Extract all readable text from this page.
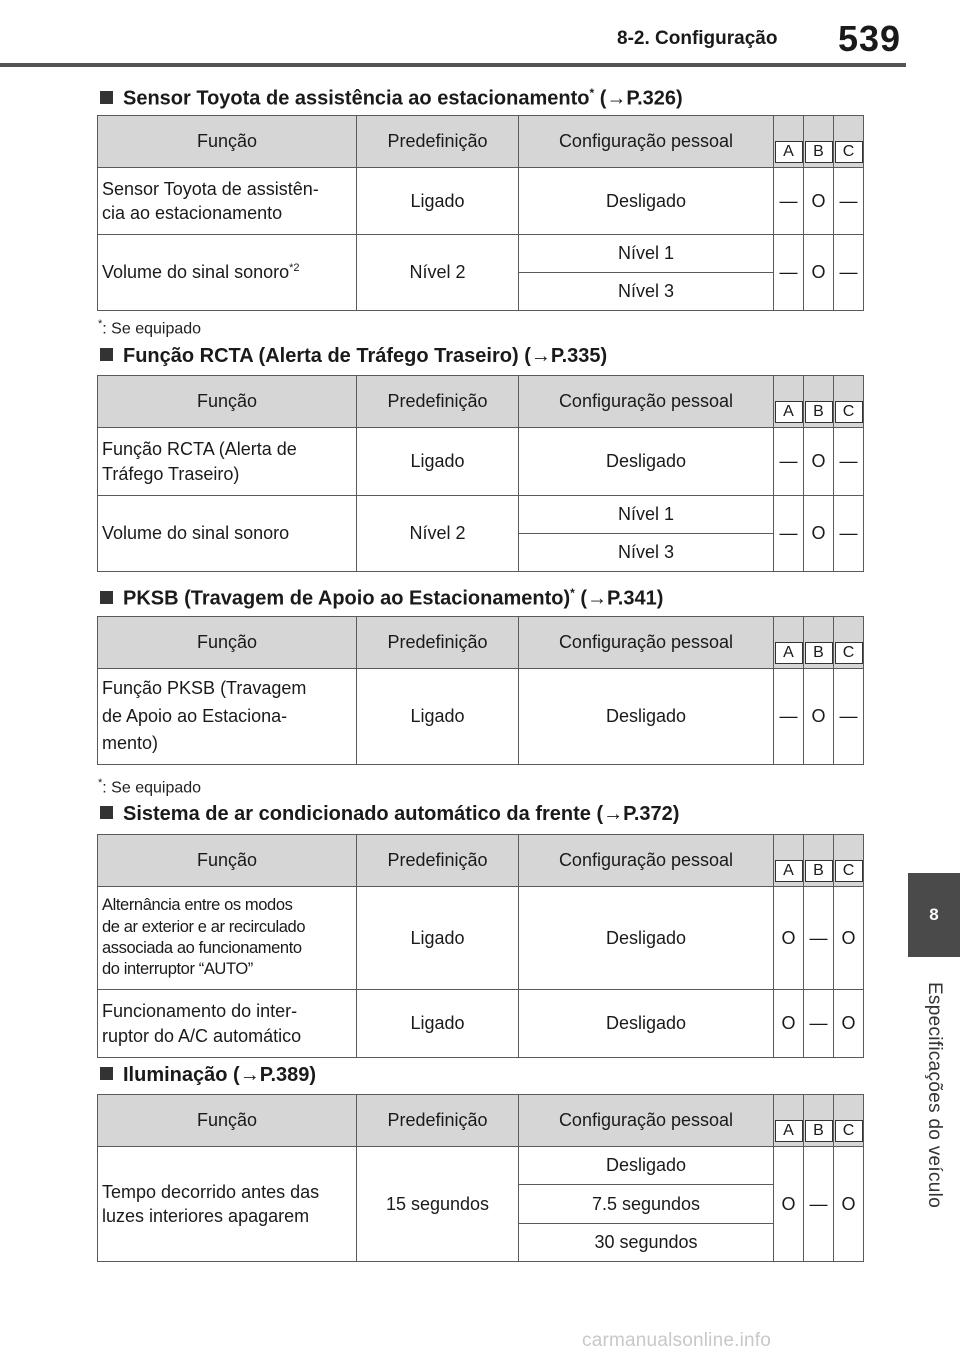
8-2. Configuração 539
8
Especificações do veículo
Sensor Toyota de assistência ao estacionamento* (→P.326)
Função	Predefinição	Configuração pessoal	A	B	C
Sensor Toyota de assistên-
cia ao estacionamento	Ligado	Desligado	—	O	—
Volume do sinal sonoro$^{*2}$	Nível 2	Nível 1	—	O	—
		Nível 3			
*: Se equipado
Função RCTA (Alerta de Tráfego Traseiro) (→P.335)
Função	Predefinição	Configuração pessoal	A	B	C
Função RCTA (Alerta de
Tráfego Traseiro)	Ligado	Desligado	—	O	—
Volume do sinal sonoro	Nível 2	Nível 1	—	O	—
		Nível 3			
PKSB (Travagem de Apoio ao Estacionamento)* (→P.341)
Função	Predefinição	Configuração pessoal	A	B	C
Função PKSB (Travagem
de Apoio ao Estaciona-
mento)	Ligado	Desligado	—	O	—
*: Se equipado
Sistema de ar condicionado automático da frente (→P.372)
Função	Predefinição	Configuração pessoal	A	B	C
Alternância entre os modos
de ar exterior e ar recirculado
associada ao funcionamento
do interruptor “AUTO”	Ligado	Desligado	O	—	O
Funcionamento do inter-
ruptor do A/C automático	Ligado	Desligado	O	—	O
Iluminação (→P.389)
Função	Predefinição	Configuração pessoal	A	B	C
Tempo decorrido antes das
luzes interiores apagarem	15 segundos	Desligado	O	—	O
		7.5 segundos			
		30 segundos			
carmanualsonline.info
